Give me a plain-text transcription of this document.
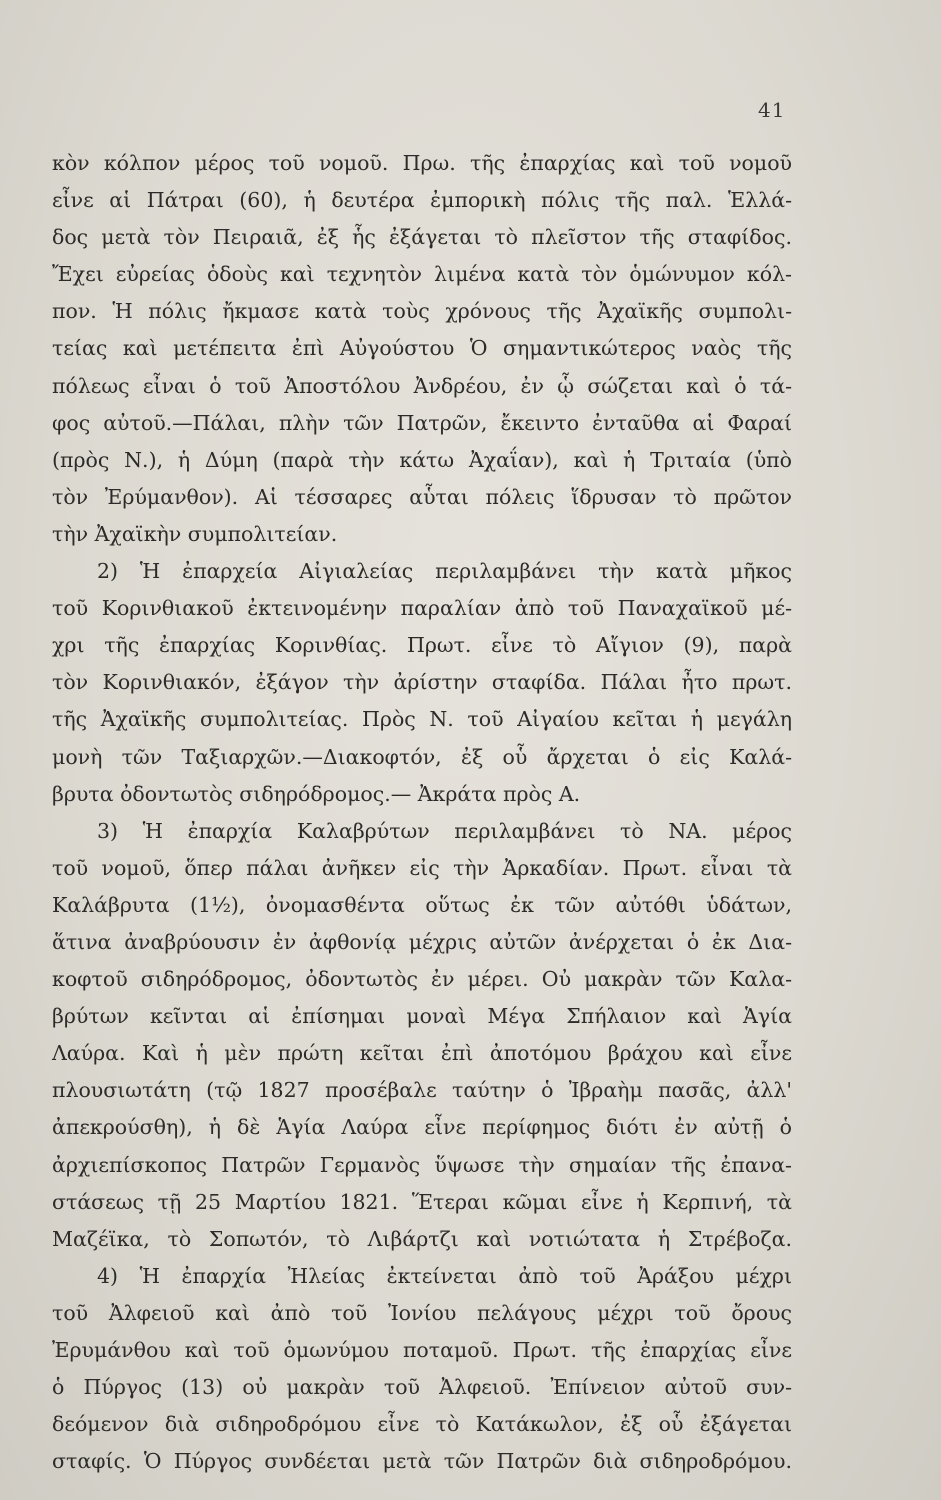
41
κὸν κόλπον μέρος τοῦ νομοῦ. Πρω. τῆς ἐπαρχίας καὶ τοῦ νομοῦ
εἶνε αἱ Πάτραι (60), ἡ δευτέρα ἐμπορικὴ πόλις τῆς παλ. Ἑλλά-
δος μετὰ τὸν Πειραιᾶ, ἐξ ἧς ἐξάγεται τὸ πλεῖστον τῆς σταφίδος.
Ἔχει εὐρείας ὁδοὺς καὶ τεχνητὸν λιμένα κατὰ τὸν ὁμώνυμον κόλ-
πον. Ἡ πόλις ἤκμασε κατὰ τοὺς χρόνους τῆς Ἀχαϊκῆς συμπολι-
τείας καὶ μετέπειτα ἐπὶ Αὐγούστου Ὁ σημαντικώτερος ναὸς τῆς
πόλεως εἶναι ὁ τοῦ Ἀποστόλου Ἀνδρέου, ἐν ᾧ σώζεται καὶ ὁ τά-
φος αὐτοῦ.—Πάλαι, πλὴν τῶν Πατρῶν, ἔκειντο ἐνταῦθα αἱ Φαραί
(πρὸς Ν.), ἡ Δύμη (παρὰ τὴν κάτω Ἀχαΐαν), καὶ ἡ Τριταία (ὑπὸ
τὸν Ἐρύμανθον). Αἱ τέσσαρες αὗται πόλεις ἵδρυσαν τὸ πρῶτον
τὴν Ἀχαϊκὴν συμπολιτείαν.
2) Ἡ ἐπαρχεία Αἰγιαλείας περιλαμβάνει τὴν κατὰ μῆκος
τοῦ Κορινθιακοῦ ἐκτεινομένην παραλίαν ἀπὸ τοῦ Παναχαϊκοῦ μέ-
χρι τῆς ἐπαρχίας Κορινθίας. Πρωτ. εἶνε τὸ Αἴγιον (9), παρὰ
τὸν Κορινθιακόν, ἐξάγον τὴν ἀρίστην σταφίδα. Πάλαι ἦτο πρωτ.
τῆς Ἀχαϊκῆς συμπολιτείας. Πρὸς Ν. τοῦ Αἰγαίου κεῖται ἡ μεγάλη
μονὴ τῶν Ταξιαρχῶν.—Διακοφτόν, ἐξ οὗ ἄρχεται ὁ εἰς Καλά-
βρυτα ὀδοντωτὸς σιδηρόδρομος.— Ἀκράτα πρὸς Α.
3) Ἡ ἐπαρχία Καλαβρύτων περιλαμβάνει τὸ ΝΑ. μέρος
τοῦ νομοῦ, ὅπερ πάλαι ἀνῆκεν εἰς τὴν Ἀρκαδίαν. Πρωτ. εἶναι τὰ
Καλάβρυτα (1½), ὀνομασθέντα οὕτως ἐκ τῶν αὐτόθι ὑδάτων,
ἅτινα ἀναβρύουσιν ἐν ἀφθονίᾳ μέχρις αὐτῶν ἀνέρχεται ὁ ἐκ Δια-
κοφτοῦ σιδηρόδρομος, ὀδοντωτὸς ἐν μέρει. Οὐ μακρὰν τῶν Καλα-
βρύτων κεῖνται αἱ ἐπίσημαι μοναὶ Μέγα Σπήλαιον καὶ Ἁγία
Λαύρα. Καὶ ἡ μὲν πρώτη κεῖται ἐπὶ ἀποτόμου βράχου καὶ εἶνε
πλουσιωτάτη (τῷ 1827 προσέβαλε ταύτην ὁ Ἰβραὴμ πασᾶς, ἀλλ'
ἀπεκρούσθη), ἡ δὲ Ἁγία Λαύρα εἶνε περίφημος διότι ἐν αὐτῇ ὁ
ἀρχιεπίσκοπος Πατρῶν Γερμανὸς ὕψωσε τὴν σημαίαν τῆς ἐπανα-
στάσεως τῇ 25 Μαρτίου 1821. Ἕτεραι κῶμαι εἶνε ἡ Κερπινή, τὰ
Μαζέϊκα, τὸ Σοπωτόν, τὸ Λιβάρτζι καὶ νοτιώτατα ἡ Στρέβοζα.
4) Ἡ ἐπαρχία Ἠλείας ἐκτείνεται ἀπὸ τοῦ Ἀράξου μέχρι
τοῦ Ἀλφειοῦ καὶ ἀπὸ τοῦ Ἰονίου πελάγους μέχρι τοῦ ὄρους
Ἐρυμάνθου καὶ τοῦ ὁμωνύμου ποταμοῦ. Πρωτ. τῆς ἐπαρχίας εἶνε
ὁ Πύργος (13) οὐ μακρὰν τοῦ Ἀλφειοῦ. Ἐπίνειον αὐτοῦ συν-
δεόμενον διὰ σιδηροδρόμου εἶνε τὸ Κατάκωλον, ἐξ οὗ ἐξάγεται
σταφίς. Ὁ Πύργος συνδέεται μετὰ τῶν Πατρῶν διὰ σιδηροδρόμου.
